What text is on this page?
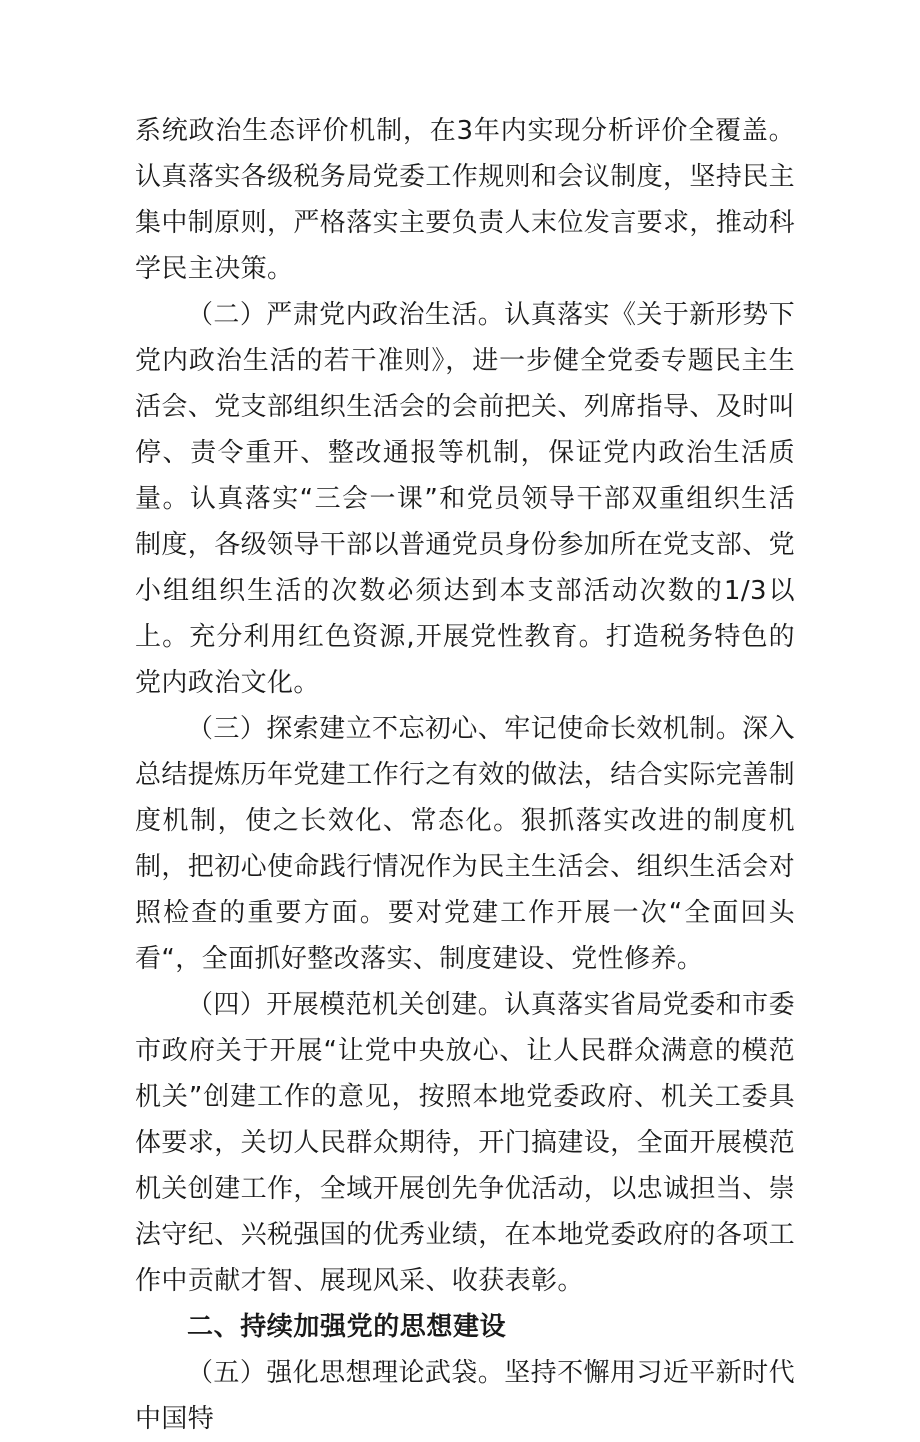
系统政治生态评价机制，在3年内实现分析评价全覆盖。认真落实各级税务局党委工作规则和会议制度，坚持民主集中制原则，严格落实主要负责人末位发言要求，推动科学民主决策。

（二）严肃党内政治生活。认真落实《关于新形势下党内政治生活的若干准则》，进一步健全党委专题民主生活会、党支部组织生活会的会前把关、列席指导、及时叫停、责令重开、整改通报等机制，保证党内政治生活质量。认真落实“三会一课”和党员领导干部双重组织生活制度，各级领导干部以普通党员身份参加所在党支部、党小组组织生活的次数必须达到本支部活动次数的1/3以上。充分利用红色资源,开展党性教育。打造税务特色的党内政治文化。

（三）探索建立不忘初心、牢记使命长效机制。深入总结提炼历年党建工作行之有效的做法，结合实际完善制度机制，使之长效化、常态化。狠抓落实改进的制度机制，把初心使命践行情况作为民主生活会、组织生活会对照检查的重要方面。要对党建工作开展一次“全面回头看“，全面抓好整改落实、制度建设、党性修养。

（四）开展模范机关创建。认真落实省局党委和市委市政府关于开展“让党中央放心、让人民群众满意的模范机关”创建工作的意见，按照本地党委政府、机关工委具体要求，关切人民群众期待，开门搞建设，全面开展模范机关创建工作，全域开展创先争优活动，以忠诚担当、崇法守纪、兴税强国的优秀业绩，在本地党委政府的各项工作中贡献才智、展现风采、收获表彰。

二、持续加强党的思想建设

（五）强化思想理论武袋。坚持不懈用习近平新时代中国特
